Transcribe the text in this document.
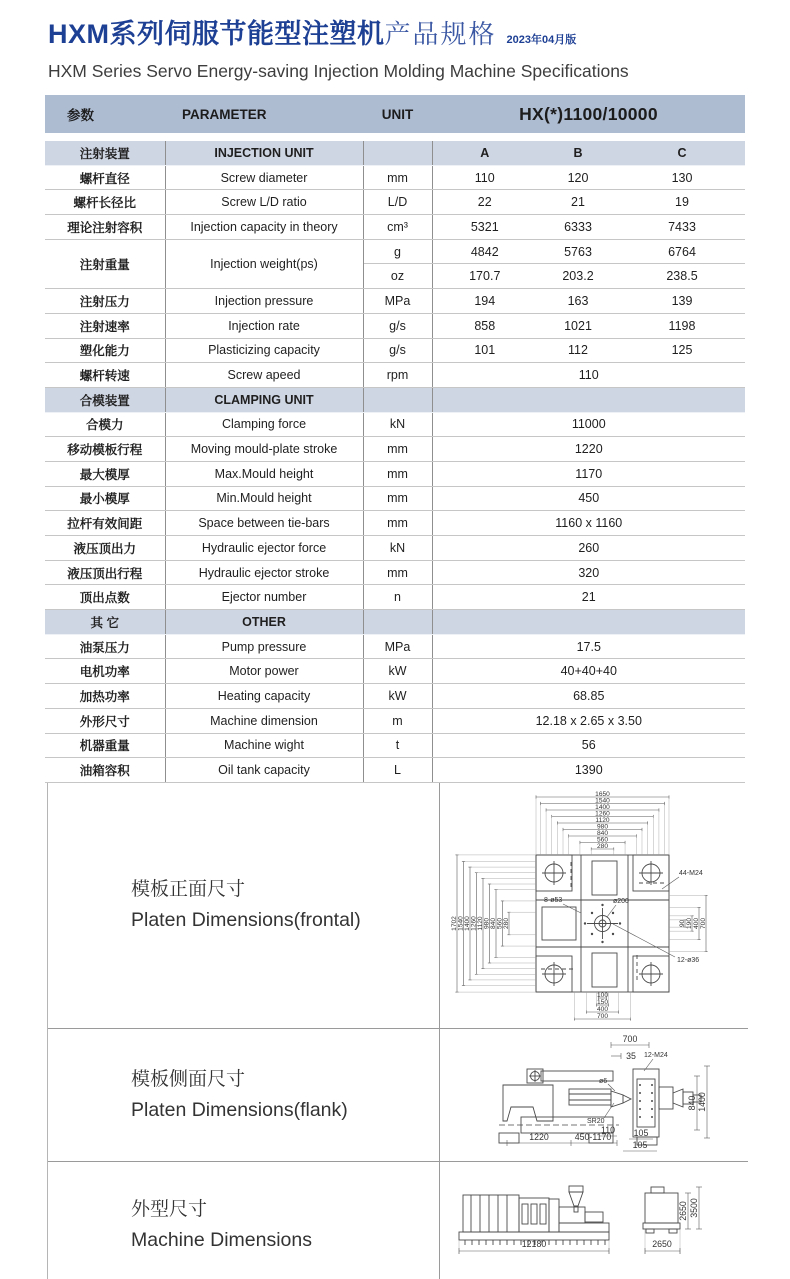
HXM系列伺服节能型注塑机产品规格 2023年04月版
HXM Series Servo Energy-saving Injection Molding Machine Specifications
参数	PARAMETER	UNIT	HX(*)1100/10000
注射装置	INJECTION UNIT		A	B	C
螺杆直径	Screw diameter	mm	110	120	130
螺杆长径比	Screw L/D ratio	L/D	22	21	19
理论注射容积	Injection capacity in theory	cm³	5321	6333	7433
注射重量	Injection weight(ps)	g	4842	5763	6764
		oz	170.7	203.2	238.5
注射压力	Injection pressure	MPa	194	163	139
注射速率	Injection rate	g/s	858	1021	1198
塑化能力	Plasticizing capacity	g/s	101	112	125
螺杆转速	Screw apeed	rpm	110		
合模装置	CLAMPING UNIT				
合模力	Clamping force	kN	11000		
移动模板行程	Moving mould-plate stroke	mm	1220		
最大模厚	Max.Mould height	mm	1170		
最小模厚	Min.Mould height	mm	450		
拉杆有效间距	Space between tie-bars	mm	1160 x 1160		
液压顶出力	Hydraulic ejector force	kN	260		
液压顶出行程	Hydraulic ejector stroke	mm	320		
顶出点数	Ejector number	n	21		
其 它	OTHER				
油泵压力	Pump pressure	MPa	17.5		
电机功率	Motor power	kW	40+40+40		
加热功率	Heating capacity	kW	68.85		
外形尺寸	Machine dimension	m	12.18 x 2.65 x 3.50		
机器重量	Machine wight	t	56		
油箱容积	Oil tank capacity	L	1390		
模板正面尺寸
Platen Dimensions(frontal)
1650
1540
1400
1260
1120
980
840
560
280
1702 1540 1400 1260 1120 980 840 560 280
100
150
400
700
90 190 400 700
44-M24
8-ø53	ø200
12-ø36
模板侧面尺寸
Platen Dimensions(flank)
700
35 12-M24
ø6
840 1400
SR20
110
1220	450-1170	105
105
外型尺寸
Machine Dimensions	12180	2650
2650 3500
